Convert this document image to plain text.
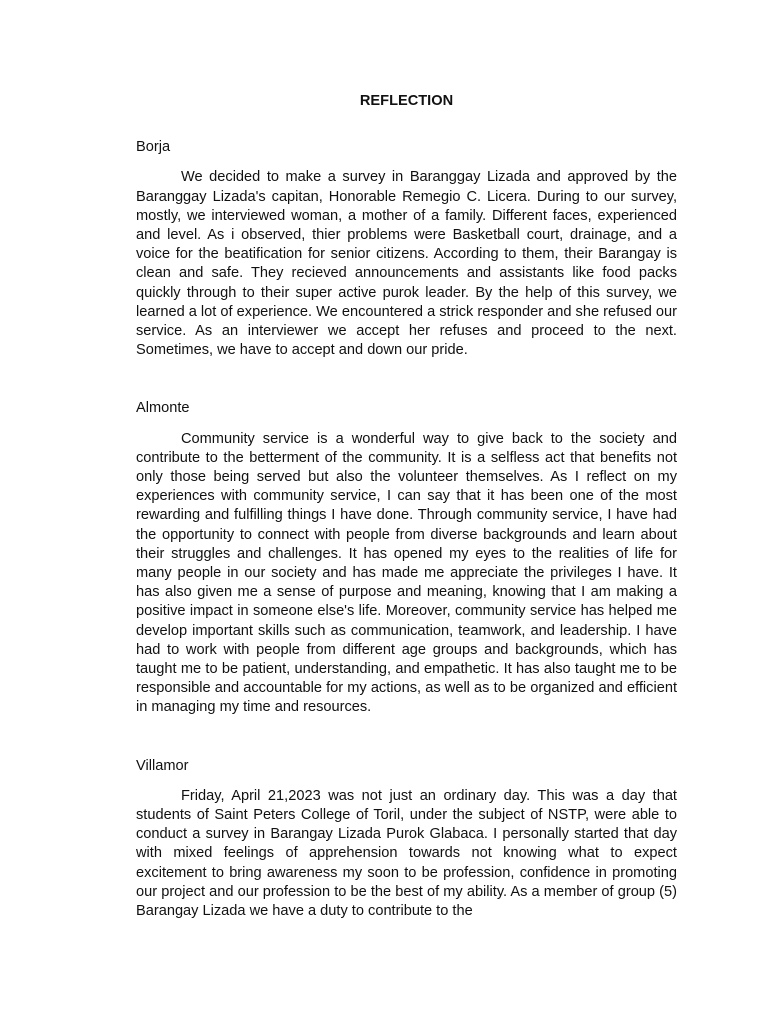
REFLECTION
Borja

We decided to make a survey in Baranggay Lizada and approved by the Baranggay Lizada's capitan, Honorable Remegio C. Licera. During to our survey, mostly, we interviewed woman, a mother of a family. Different faces, experienced and level. As i observed, thier problems were Basketball court, drainage, and a voice for the beatification for senior citizens. According to them, their Barangay is clean and safe. They recieved announcements and assistants like food packs quickly through to their super active purok leader. By the help of this survey, we learned a lot of experience. We encountered a strick responder and she refused our service. As an interviewer we accept her refuses and proceed to the next. Sometimes, we have to accept and down our pride.

Almonte

Community service is a wonderful way to give back to the society and contribute to the betterment of the community. It is a selfless act that benefits not only those being served but also the volunteer themselves. As I reflect on my experiences with community service, I can say that it has been one of the most rewarding and fulfilling things I have done. Through community service, I have had the opportunity to connect with people from diverse backgrounds and learn about their struggles and challenges. It has opened my eyes to the realities of life for many people in our society and has made me appreciate the privileges I have. It has also given me a sense of purpose and meaning, knowing that I am making a positive impact in someone else's life. Moreover, community service has helped me develop important skills such as communication, teamwork, and leadership. I have had to work with people from different age groups and backgrounds, which has taught me to be patient, understanding, and empathetic. It has also taught me to be responsible and accountable for my actions, as well as to be organized and efficient in managing my time and resources.

Villamor

Friday, April 21,2023 was not just an ordinary day. This was a day that students of Saint Peters College of Toril, under the subject of NSTP, were able to conduct a survey in Barangay Lizada Purok Glabaca. I personally started that day with mixed feelings of apprehension towards not knowing what to expect excitement to bring awareness my soon to be profession, confidence in promoting our project and our profession to be the best of my ability. As a member of group (5) Barangay Lizada we have a duty to contribute to the
